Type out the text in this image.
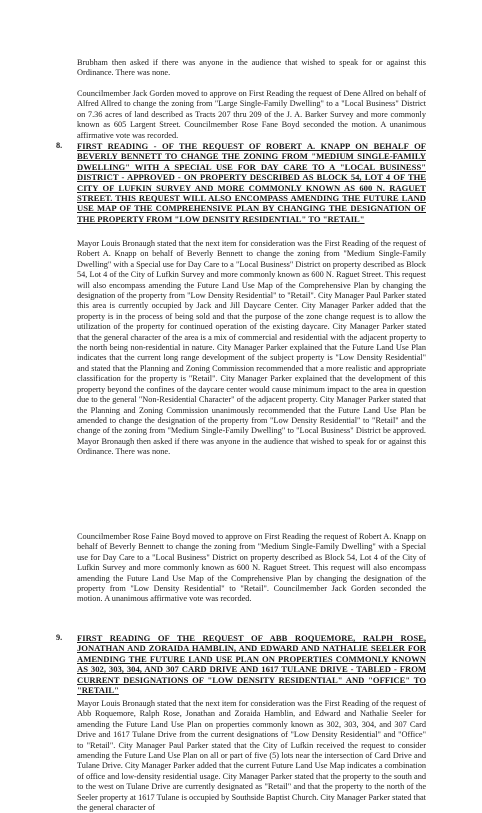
Brubham then asked if there was anyone in the audience that wished to speak for or against this Ordinance. There was none.

Councilmember Jack Gorden moved to approve on First Reading the request of Dene Allred on behalf of Alfred Allred to change the zoning from "Large Single-Family Dwelling" to a "Local Business" District on 7.36 acres of land described as Tracts 207 thru 209 of the J. A. Barker Survey and more commonly known as 605 Largent Street. Councilmember Rose Fane Boyd seconded the motion. A unanimous affirmative vote was recorded.

8.	FIRST READING - OF THE REQUEST OF ROBERT A. KNAPP ON BEHALF OF BEVERLY BENNETT TO CHANGE THE ZONING FROM "MEDIUM SINGLE-FAMILY DWELLING" WITH A SPECIAL USE FOR DAY CARE TO A "LOCAL BUSINESS" DISTRICT - APPROVED - ON PROPERTY DESCRIBED AS BLOCK 54, LOT 4 OF THE CITY OF LUFKIN SURVEY AND MORE COMMONLY KNOWN AS 600 N. RAGUET STREET. THIS REQUEST WILL ALSO ENCOMPASS AMENDING THE FUTURE LAND USE MAP OF THE COMPREHENSIVE PLAN BY CHANGING THE DESIGNATION OF THE PROPERTY FROM "LOW DENSITY RESIDENTIAL" TO "RETAIL"

Mayor Louis Bronaugh stated that the next item for consideration was the First Reading of the request of Robert A. Knapp on behalf of Beverly Bennett to change the zoning from "Medium Single-Family Dwelling" with a Special use for Day Care to a "Local Business" District on property described as Block 54, Lot 4 of the City of Lufkin Survey and more commonly known as 600 N. Raguet Street. This request will also encompass amending the Future Land Use Map of the Comprehensive Plan by changing the designation of the property from "Low Density Residential" to "Retail". City Manager Paul Parker stated this area is currently occupied by Jack and Jill Daycare Center. City Manager Parker added that the property is in the process of being sold and that the purpose of the zone change request is to allow the utilization of the property for continued operation of the existing daycare. City Manager Parker stated that the general character of the area is a mix of commercial and residential with the adjacent property to the north being non-residential in nature. City Manager Parker explained that the Future Land Use Plan indicates that the current long range development of the subject property is "Low Density Residential" and stated that the Planning and Zoning Commission recommended that a more realistic and appropriate classification for the property is "Retail". City Manager Parker explained that the development of this property beyond the confines of the daycare center would cause minimum impact to the area in question due to the general "Non-Residential Character" of the adjacent property. City Manager Parker stated that the Planning and Zoning Commission unanimously recommended that the Future Land Use Plan be amended to change the designation of the property from "Low Density Residential" to "Retail" and the change of the zoning from "Medium Single-Family Dwelling" to "Local Business" District be approved. Mayor Bronaugh then asked if there was anyone in the audience that wished to speak for or against this Ordinance. There was none.

Councilmember Rose Faine Boyd moved to approve on First Reading the request of Robert A. Knapp on behalf of Beverly Bennett to change the zoning from "Medium Single-Family Dwelling" with a Special use for Day Care to a "Local Business" District on property described as Block 54, Lot 4 of the City of Lufkin Survey and more commonly known as 600 N. Raguet Street. This request will also encompass amending the Future Land Use Map of the Comprehensive Plan by changing the designation of the property from "Low Density Residential" to "Retail". Councilmember Jack Gorden seconded the motion. A unanimous affirmative vote was recorded.

9.	FIRST READING OF THE REQUEST OF ABB ROQUEMORE, RALPH ROSE, JONATHAN AND ZORAIDA HAMBLIN, AND EDWARD AND NATHALIE SEELER FOR AMENDING THE FUTURE LAND USE PLAN ON PROPERTIES COMMONLY KNOWN AS 302, 303, 304, AND 307 CARD DRIVE AND 1617 TULANE DRIVE - TABLED - FROM CURRENT DESIGNATIONS OF "LOW DENSITY RESIDENTIAL" AND "OFFICE" TO "RETAIL"

Mayor Louis Bronaugh stated that the next item for consideration was the First Reading of the request of Abb Roquemore, Ralph Rose, Jonathan and Zoraida Hamblin, and Edward and Nathalie Seeler for amending the Future Land Use Plan on properties commonly known as 302, 303, 304, and 307 Card Drive and 1617 Tulane Drive from the current designations of "Low Density Residential" and "Office" to "Retail". City Manager Paul Parker stated that the City of Lufkin received the request to consider amending the Future Land Use Plan on all or part of five (5) lots near the intersection of Card Drive and Tulane Drive. City Manager Parker added that the current Future Land Use Map indicates a combination of office and low-density residential usage. City Manager Parker stated that the property to the south and to the west on Tulane Drive are currently designated as "Retail" and that the property to the north of the Seeler property at 1617 Tulane is occupied by Southside Baptist Church. City Manager Parker stated that the general character of
